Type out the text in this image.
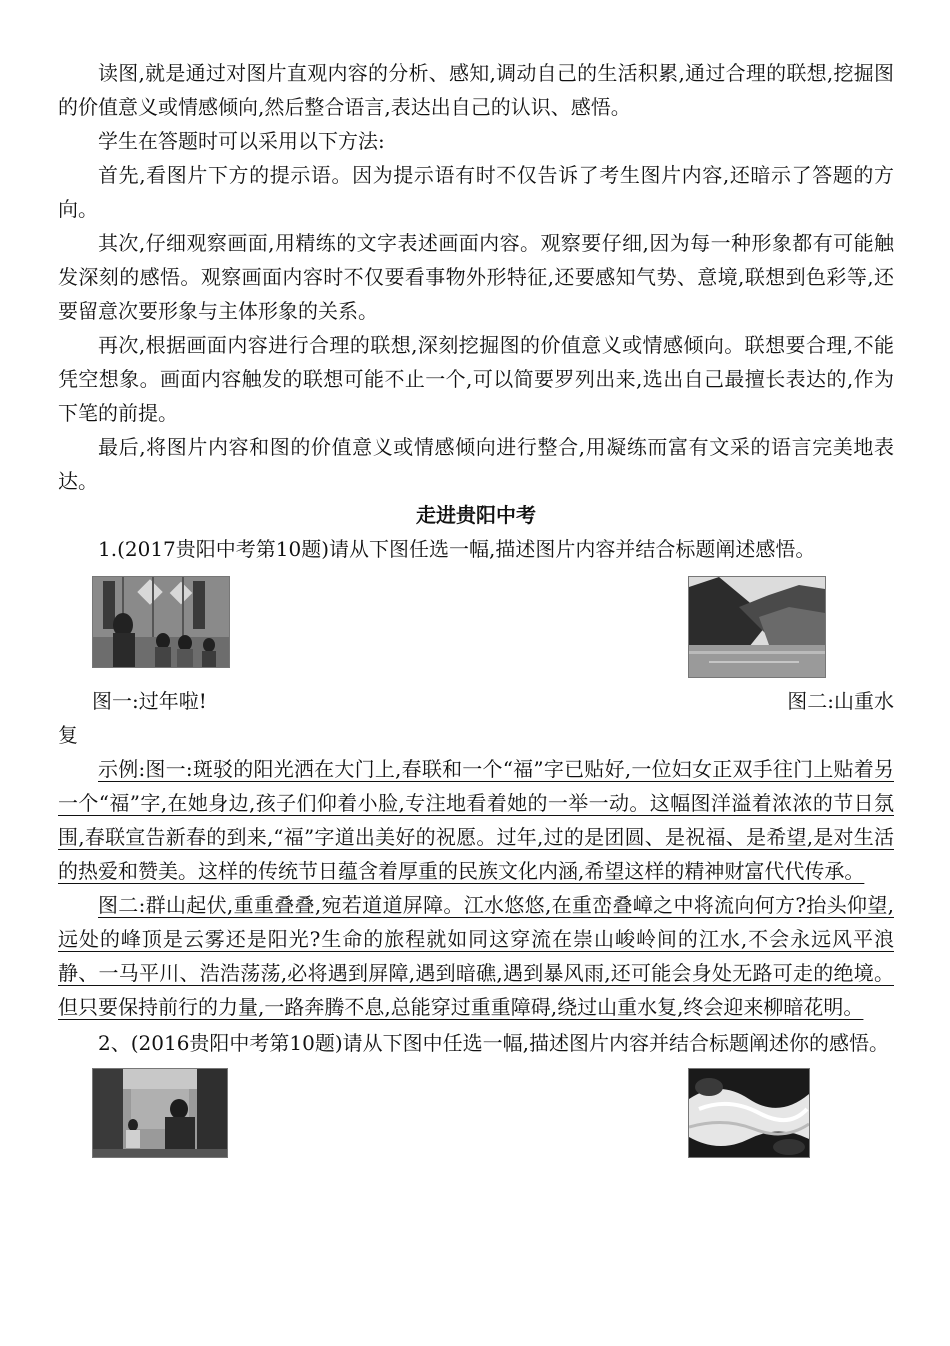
读图,就是通过对图片直观内容的分析、感知,调动自己的生活积累,通过合理的联想,挖掘图的价值意义或情感倾向,然后整合语言,表达出自己的认识、感悟。

学生在答题时可以采用以下方法:

首先,看图片下方的提示语。因为提示语有时不仅告诉了考生图片内容,还暗示了答题的方向。

其次,仔细观察画面,用精练的文字表述画面内容。观察要仔细,因为每一种形象都有可能触发深刻的感悟。观察画面内容时不仅要看事物外形特征,还要感知气势、意境,联想到色彩等,还要留意次要形象与主体形象的关系。

再次,根据画面内容进行合理的联想,深刻挖掘图的价值意义或情感倾向。联想要合理,不能凭空想象。画面内容触发的联想可能不止一个,可以简要罗列出来,选出自己最擅长表达的,作为下笔的前提。

最后,将图片内容和图的价值意义或情感倾向进行整合,用凝练而富有文采的语言完美地表达。

走进贵阳中考

1.(2017贵阳中考第10题)请从下图任选一幅,描述图片内容并结合标题阐述感悟。

图一:过年啦!	图二:山重水
复

示例:图一:斑驳的阳光洒在大门上,春联和一个“福”字已贴好,一位妇女正双手往门上贴着另一个“福”字,在她身边,孩子们仰着小脸,专注地看着她的一举一动。这幅图洋溢着浓浓的节日氛围,春联宣告新春的到来,“福”字道出美好的祝愿。过年,过的是团圆、是祝福、是希望,是对生活的热爱和赞美。这样的传统节日蕴含着厚重的民族文化内涵,希望这样的精神财富代代传承。

图二:群山起伏,重重叠叠,宛若道道屏障。江水悠悠,在重峦叠嶂之中将流向何方?抬头仰望,远处的峰顶是云雾还是阳光?生命的旅程就如同这穿流在崇山峻岭间的江水,不会永远风平浪静、一马平川、浩浩荡荡,必将遇到屏障,遇到暗礁,遇到暴风雨,还可能会身处无路可走的绝境。但只要保持前行的力量,一路奔腾不息,总能穿过重重障碍,绕过山重水复,终会迎来柳暗花明。

2、(2016贵阳中考第10题)请从下图中任选一幅,描述图片内容并结合标题阐述你的感悟。
